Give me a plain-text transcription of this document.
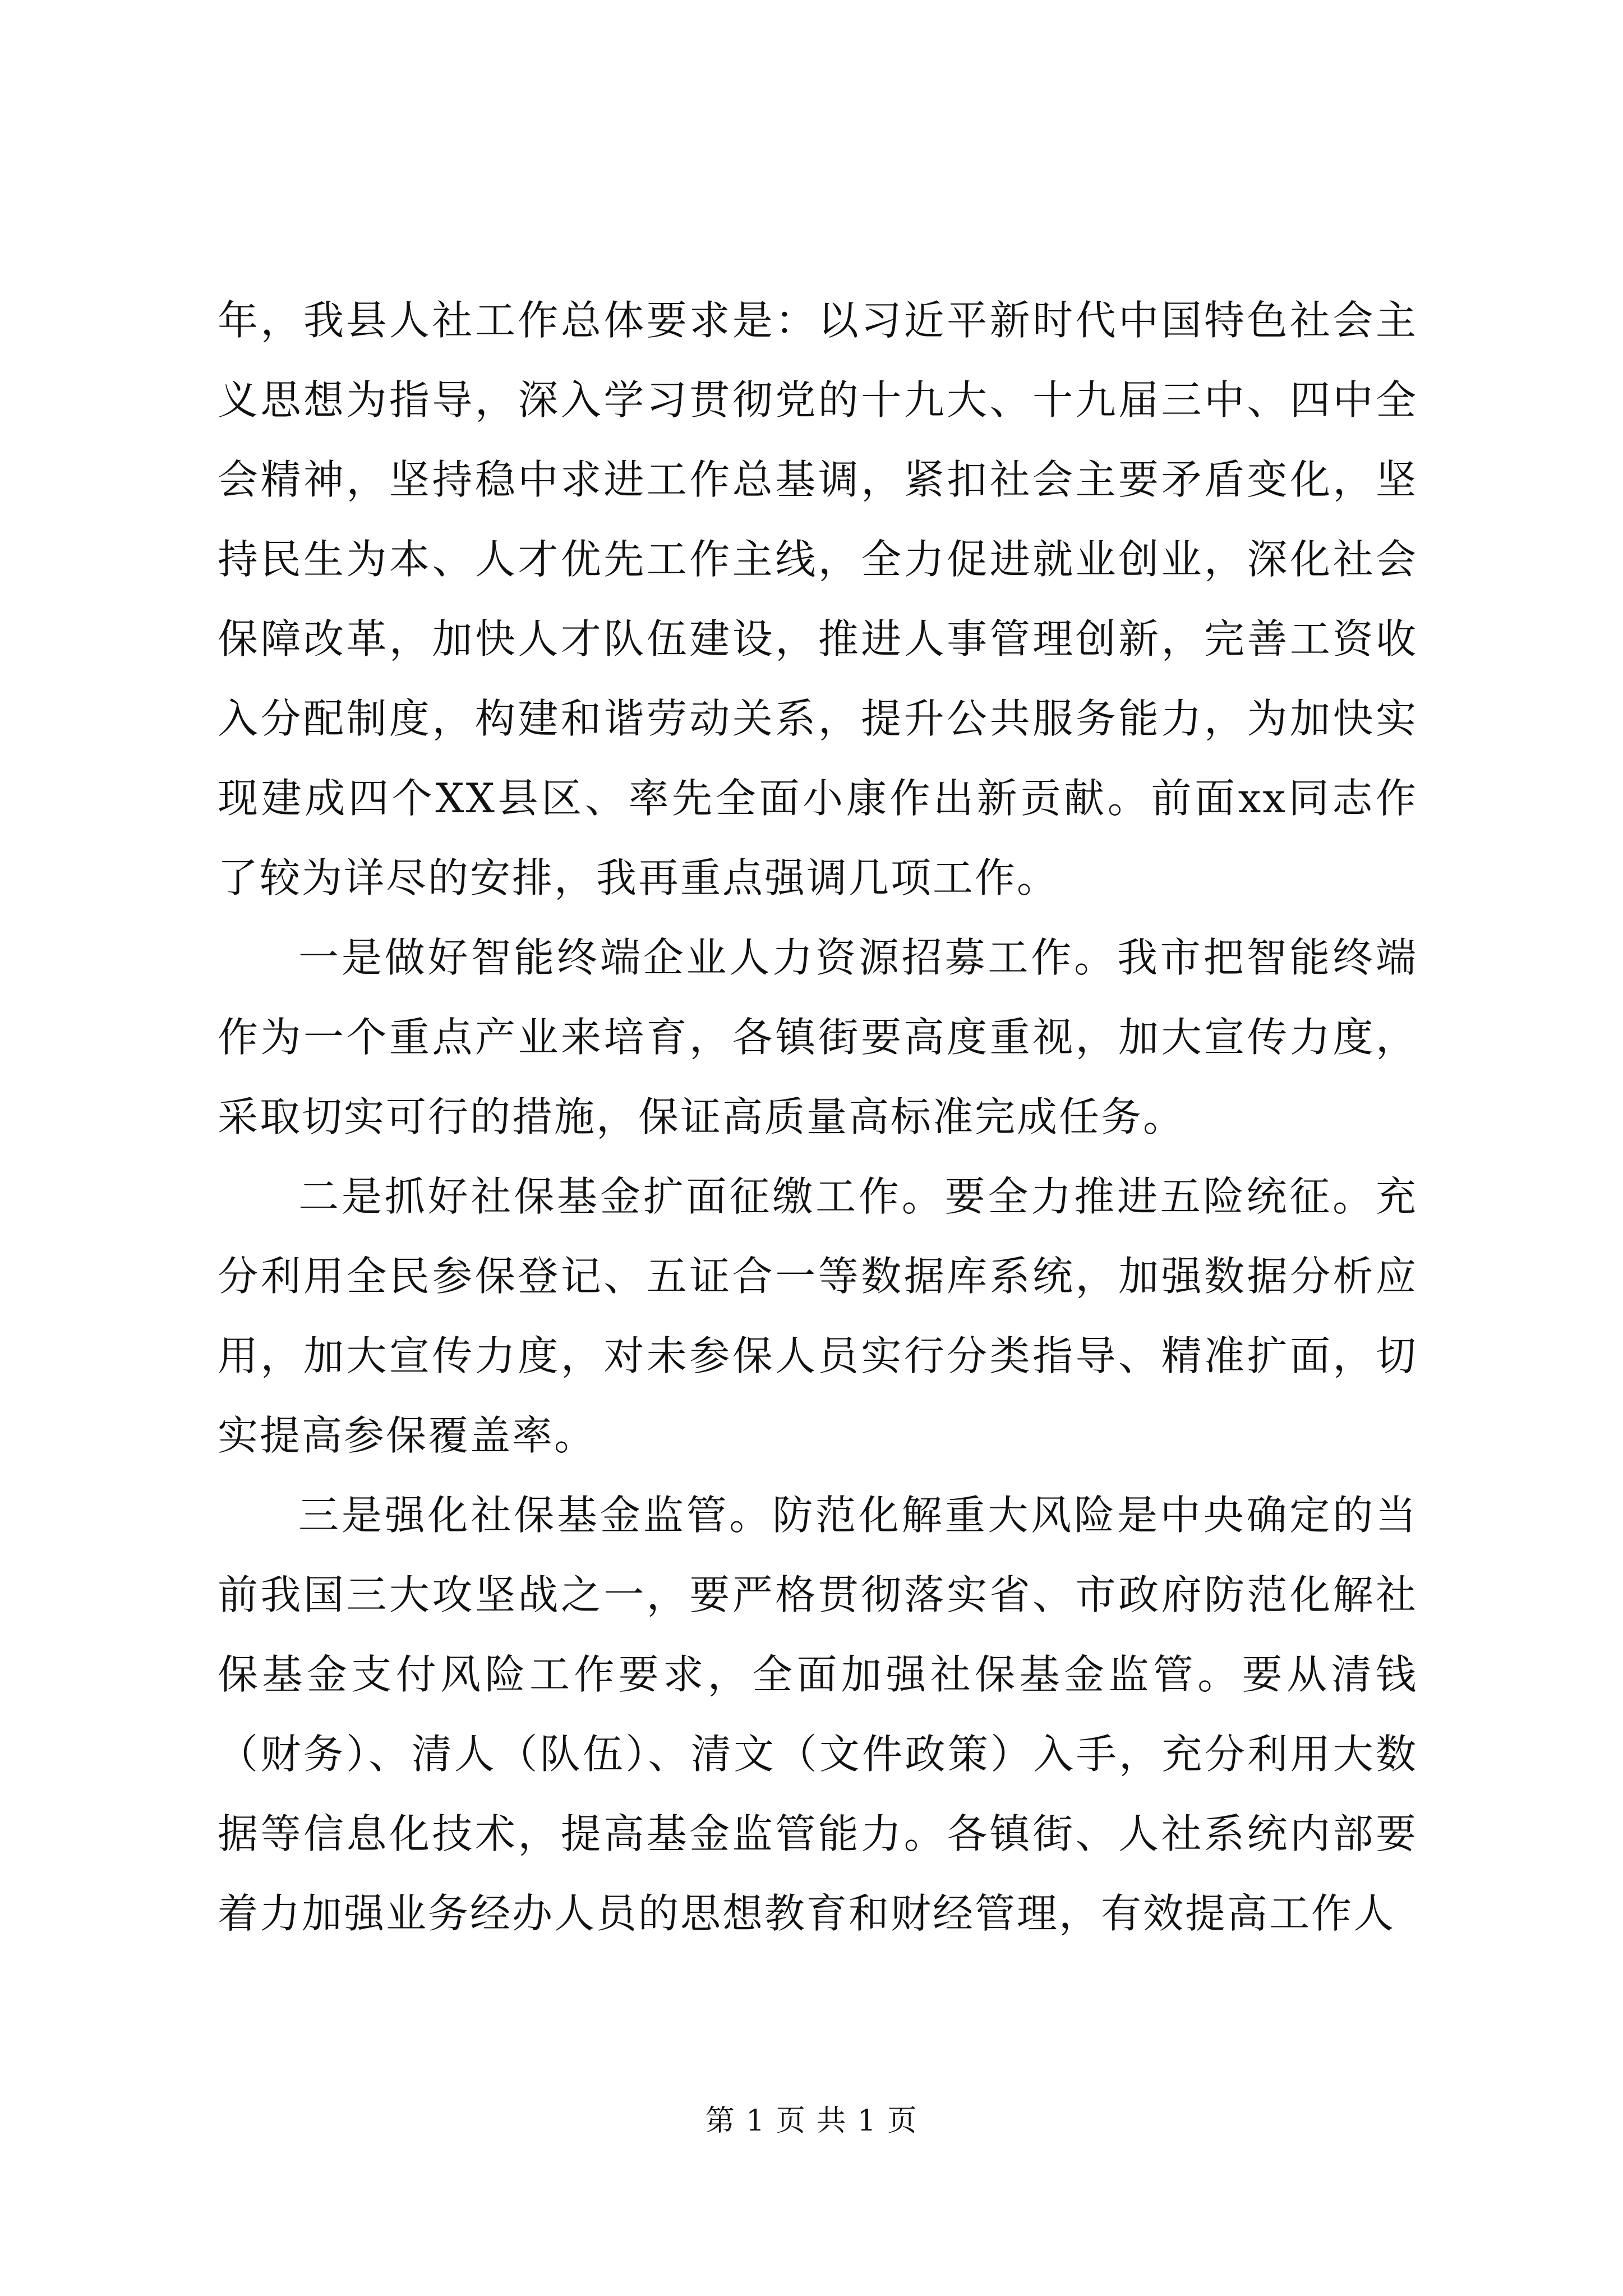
年，我县人社工作总体要求是：以习近平新时代中国特色社会主义思想为指导，深入学习贯彻党的十九大、十九届三中、四中全会精神，坚持稳中求进工作总基调，紧扣社会主要矛盾变化，坚持民生为本、人才优先工作主线，全力促进就业创业，深化社会保障改革，加快人才队伍建设，推进人事管理创新，完善工资收入分配制度，构建和谐劳动关系，提升公共服务能力，为加快实现建成四个XX县区、率先全面小康作出新贡献。前面xx同志作了较为详尽的安排，我再重点强调几项工作。

一是做好智能终端企业人力资源招募工作。我市把智能终端作为一个重点产业来培育，各镇街要高度重视，加大宣传力度，采取切实可行的措施，保证高质量高标准完成任务。

二是抓好社保基金扩面征缴工作。要全力推进五险统征。充分利用全民参保登记、五证合一等数据库系统，加强数据分析应用，加大宣传力度，对未参保人员实行分类指导、精准扩面，切实提高参保覆盖率。

三是强化社保基金监管。防范化解重大风险是中央确定的当前我国三大攻坚战之一，要严格贯彻落实省、市政府防范化解社保基金支付风险工作要求，全面加强社保基金监管。要从清钱（财务）、清人（队伍）、清文（文件政策）入手，充分利用大数据等信息化技术，提高基金监管能力。各镇街、人社系统内部要着力加强业务经办人员的思想教育和财经管理，有效提高工作人

第 1 页 共 1 页
